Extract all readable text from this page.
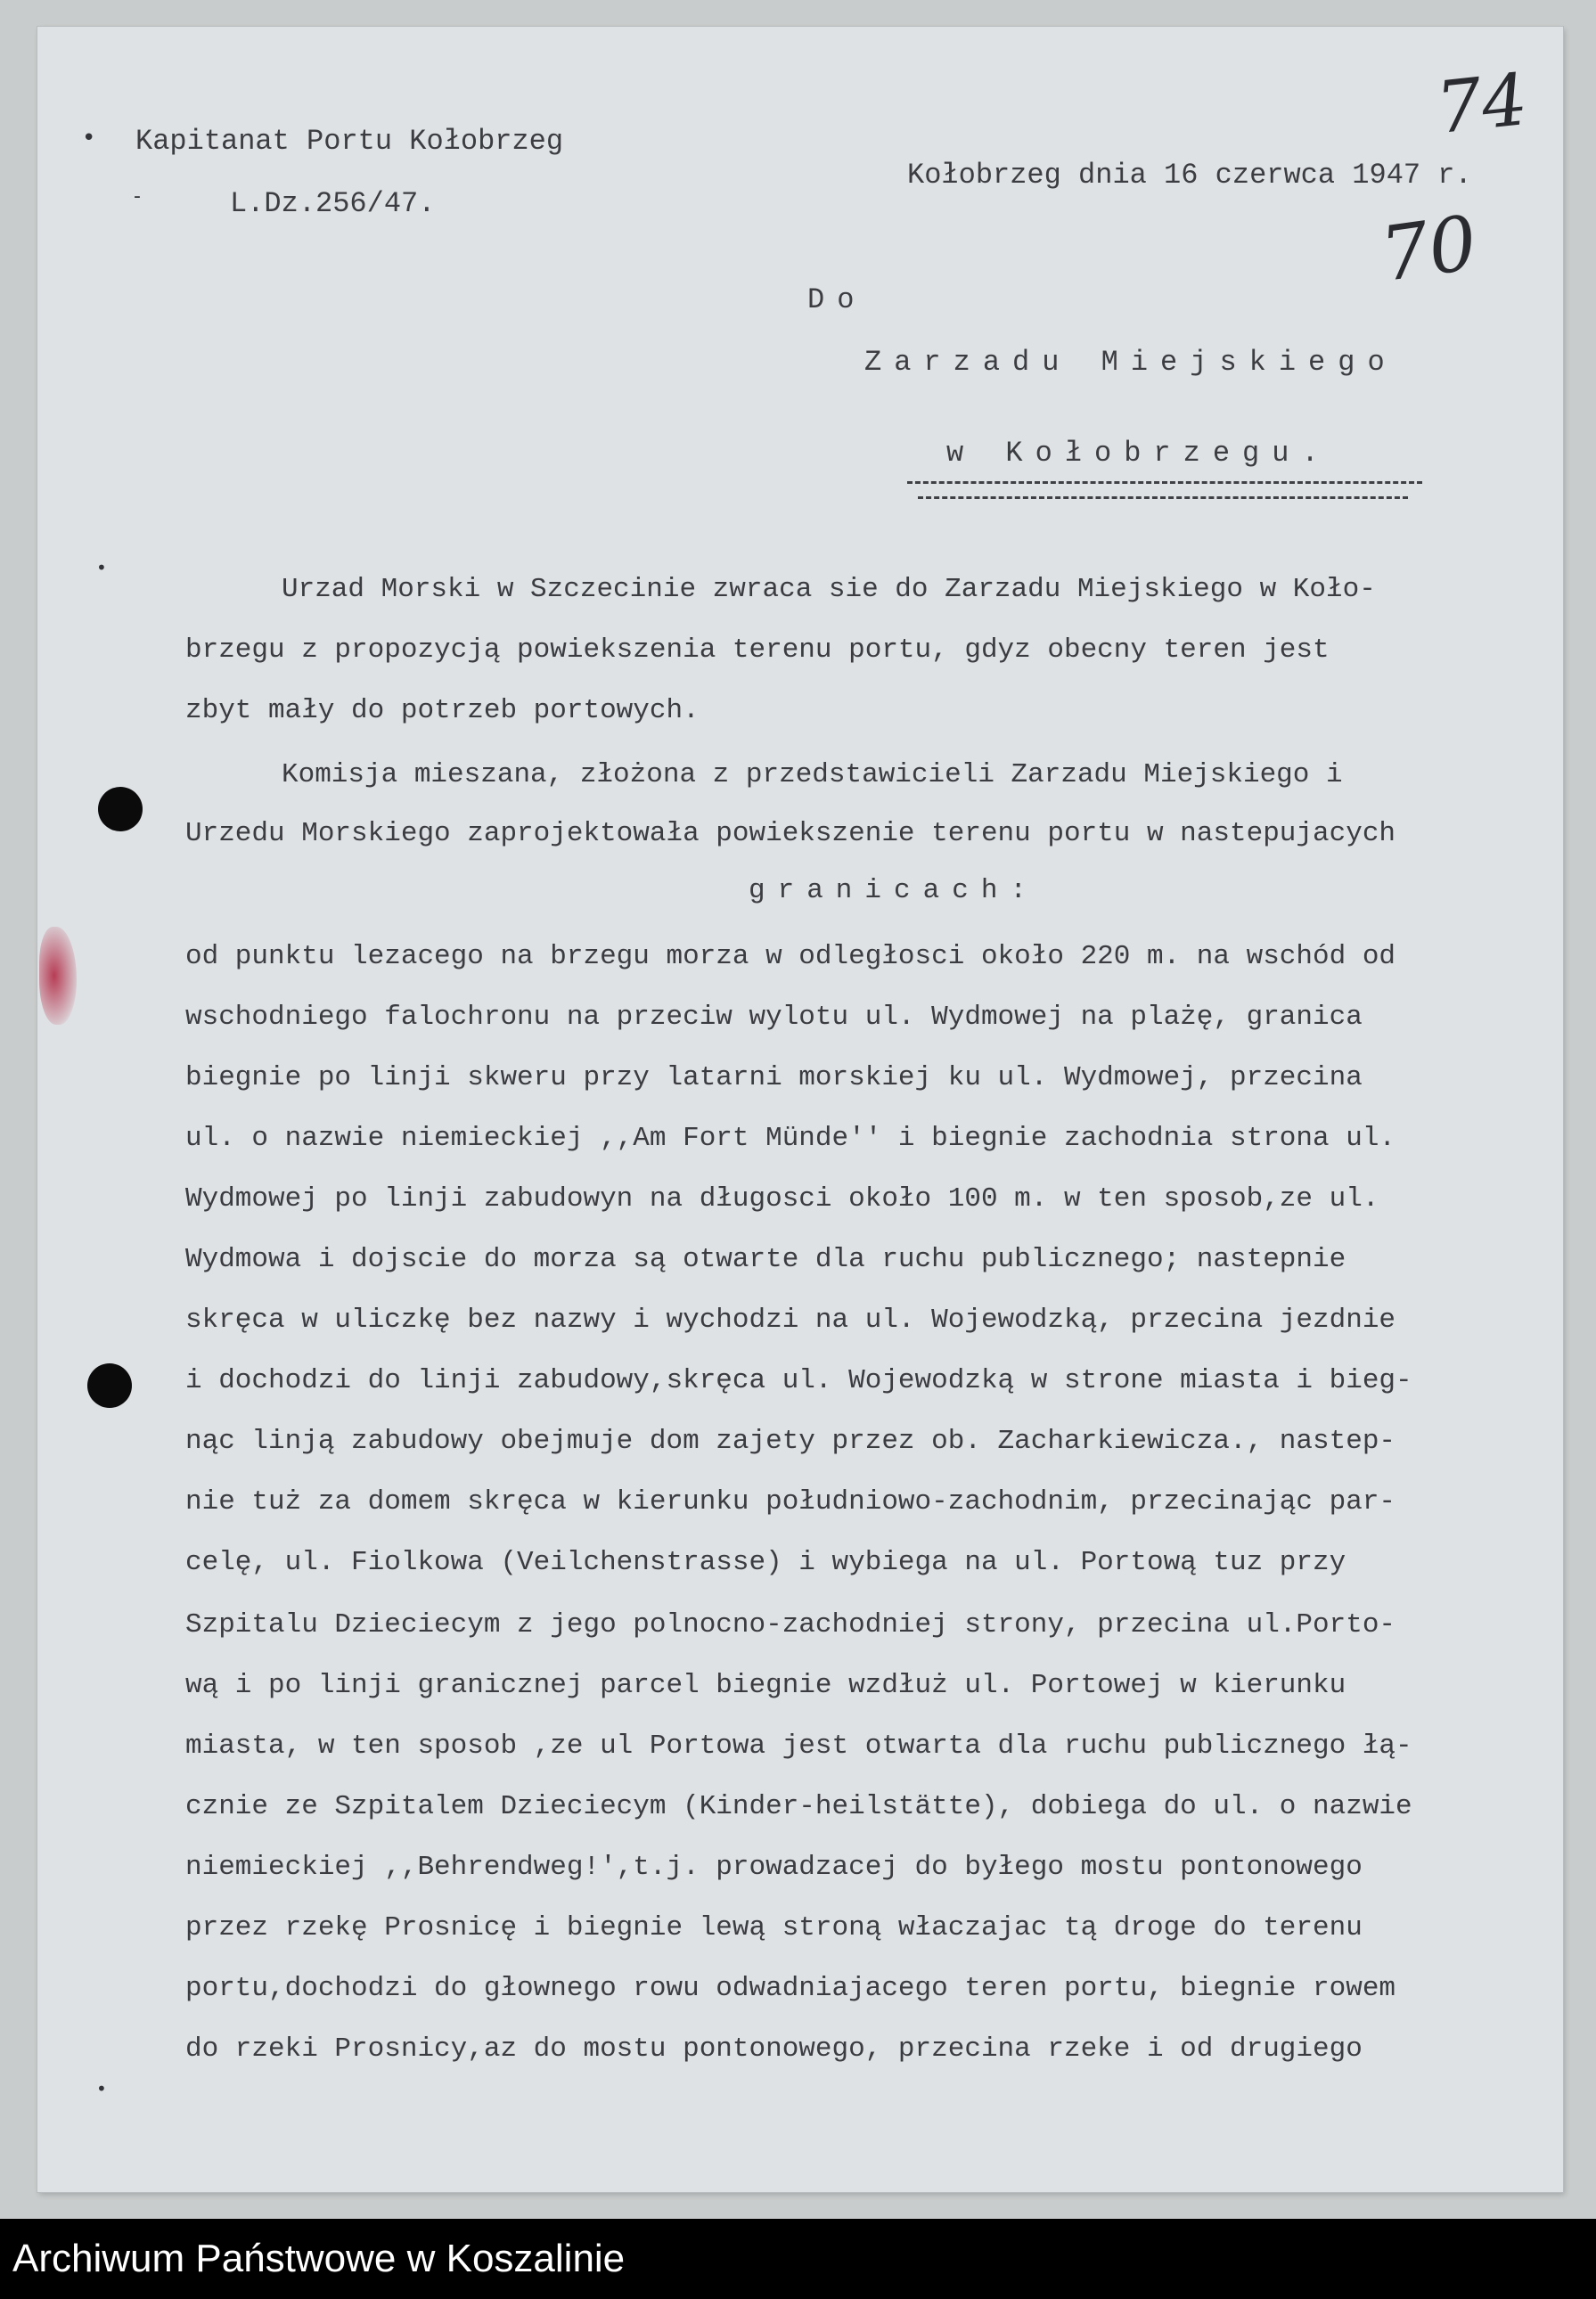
•
-
•
•
Kapitanat Portu Kołobrzeg
L.Dz.256/47.
Kołobrzeg dnia 16 czerwca 1947 r.
74
70
Do
Zarzadu Miejskiego
w Kołobrzegu.
Urzad Morski w Szczecinie zwraca sie do Zarzadu Miejskiego w Koło-
brzegu z propozycją powiekszenia terenu portu, gdyz obecny teren jest
zbyt mały do potrzeb portowych.
Komisja mieszana, złożona z przedstawicieli Zarzadu Miejskiego i
Urzedu Morskiego zaprojektowała powiekszenie terenu portu w nastepujacych
granicach:
od punktu lezacego na brzegu morza w odległosci około 220 m. na wschód od
wschodniego falochronu na przeciw wylotu ul. Wydmowej na plażę, granica
biegnie po linji skweru przy latarni morskiej ku ul. Wydmowej, przecina
ul. o nazwie niemieckiej ,,Am Fort Münde'' i biegnie zachodnia strona ul.
Wydmowej po linji zabudowyn na długosci około 100 m. w ten sposob,ze ul.
Wydmowa i dojscie do morza są otwarte dla ruchu publicznego; nastepnie
skręca w uliczkę bez nazwy i wychodzi na ul. Wojewodzką, przecina jezdnie
i dochodzi do linji zabudowy,skręca ul. Wojewodzką w strone miasta i bieg-
nąc linją zabudowy obejmuje dom zajety przez ob. Zacharkiewicza., nastep-
nie tuż za domem skręca w kierunku południowo-zachodnim, przecinając par-
celę, ul. Fiolkowa (Veilchenstrasse) i wybiega na ul. Portową tuz przy
Szpitalu Dzieciecym z jego polnocno-zachodniej strony, przecina ul.Porto-
wą i po linji granicznej parcel biegnie wzdłuż ul. Portowej w kierunku
miasta, w ten sposob ,ze ul Portowa jest otwarta dla ruchu publicznego łą-
cznie ze Szpitalem Dzieciecym (Kinder-heilstätte), dobiega do ul. o nazwie
niemieckiej ,,Behrendweg!',t.j. prowadzacej do byłego mostu pontonowego
przez rzekę Prosnicę i biegnie lewą stroną właczajac tą droge do terenu
portu,dochodzi do głownego rowu odwadniajacego teren portu, biegnie rowem
do rzeki Prosnicy,az do mostu pontonowego, przecina rzeke i od drugiego
Archiwum Państwowe w Koszalinie
